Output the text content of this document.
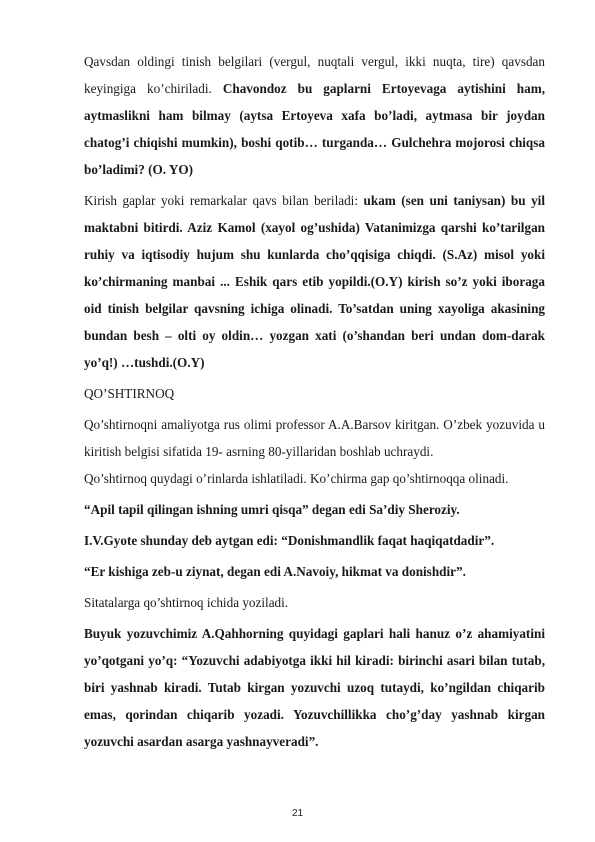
Qavsdan oldingi tinish belgilari (vergul, nuqtali vergul, ikki nuqta, tire) qavsdan keyingiga ko’chiriladi. Chavondoz bu gaplarni Ertoyevaga aytishini ham, aytmaslikni ham bilmay (aytsa Ertoyeva xafa bo’ladi, aytmasa bir joydan chatog’i chiqishi mumkin), boshi qotib… turganda… Gulchehra mojorosi chiqsa bo’ladimi? (O. YO)

Kirish gaplar yoki remarkalar qavs bilan beriladi: ukam (sen uni taniysan) bu yil maktabni bitirdi. Aziz Kamol (xayol og’ushida) Vatanimizga qarshi ko’tarilgan ruhiy va iqtisodiy hujum shu kunlarda cho’qqisiga chiqdi. (S.Az) misol yoki ko’chirmaning manbai ... Eshik qars etib yopildi.(O.Y) kirish so’z yoki iboraga oid tinish belgilar qavsning ichiga olinadi. To’satdan uning xayoliga akasining bundan besh – olti oy oldin… yozgan xati (o’shandan beri undan dom-darak yo’q!) …tushdi.(O.Y)

QO’SHTIRNOQ

Qo’shtirnoqni amaliyotga rus olimi professor A.A.Barsov kiritgan. O’zbek yozuvida u kiritish belgisi sifatida 19- asrning 80-yillaridan boshlab uchraydi.

Qo’shtirnoq quydagi o’rinlarda ishlatiladi. Ko’chirma gap qo’shtirnoqqa olinadi.

“Apil tapil qilingan ishning umri qisqa” degan edi Sa’diy Sheroziy.

I.V.Gyote shunday deb aytgan edi: “Donishmandlik faqat haqiqatdadir”.

“Er kishiga zeb-u ziynat, degan edi A.Navoiy, hikmat va donishdir”.

Sitatalarga qo’shtirnoq ichida yoziladi.

Buyuk yozuvchimiz A.Qahhorning quyidagi gaplari hali hanuz o’z ahamiyatini yo’qotgani yo’q: “Yozuvchi adabiyotga ikki hil kiradi: birinchi asari bilan tutab, biri yashnab kiradi. Tutab kirgan yozuvchi uzoq tutaydi, ko’ngildan chiqarib emas, qorindan chiqarib yozadi. Yozuvchillikka cho’g’day yashnab kirgan yozuvchi asardan asarga yashnayveradi”.

21
